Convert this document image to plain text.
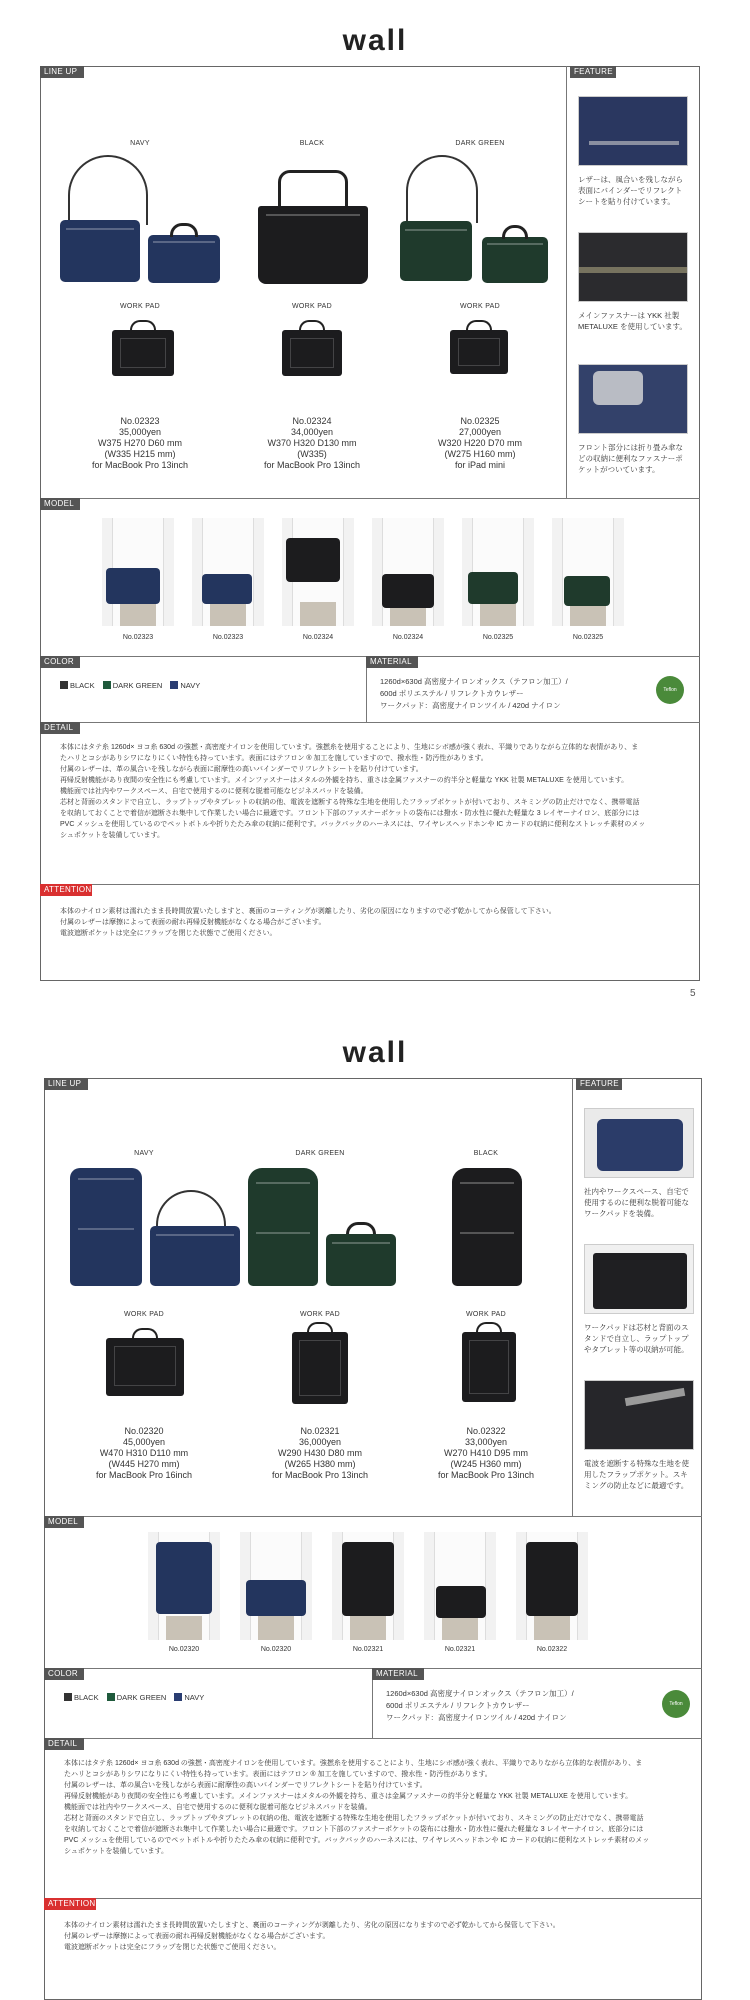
wall
LINE UP	FEATURE
NAVY	BLACK	DARK GREEN
WORK PAD	WORK PAD	WORK PAD
No.02323
35,000yen
W375 H270 D60 mm
(W335 H215 mm)
for MacBook Pro 13inch
No.02324
34,000yen
W370 H320 D130 mm
(W335̇)
for MacBook Pro 13inch
No.02325
27,000yen
W320 H220 D70 mm
(W275 H160 mm)
for iPad mini
レザーは、風合いを残しながら
表面にバインダーでリフレクト
シートを貼り付けています。
メインファスナーは YKK 社製
METALUXE を使用しています。
フロント部分には折り畳み傘な
どの収納に便利なファスナーポ
ケットがついています。
MODEL
No.02323	No.02323	No.02324	No.02324	No.02325	No.02325
COLOR	MATERIAL
BLACK DARK GREEN NAVY	1260d×630d 高密度ナイロンオックス（テフロン加工）/
600d ポリエステル / リフレクトカウレザー
ワークパッド：高密度ナイロンツイル / 420d ナイロン
Teflon
DETAIL
本体にはタテ糸 1260d× ヨコ糸 630d の強撚・高密度ナイロンを使用しています。強撚糸を使用することにより、生地にシボ感が強く表れ、平織りでありながら立体的な表情があり、ま
たハリとコシがありシワになりにくい特性も持っています。表面にはテフロン ® 加工を施していますので、撥水性・防汚性があります。
付属のレザーは、革の風合いを残しながら表面に耐摩性の高いバインダーでリフレクトシートを貼り付けています。
再帰反射機能があり夜間の安全性にも考慮しています。メインファスナーはメタルの外観を持ち、重さは金属ファスナーの約半分と軽量な YKK 社製 METALUXE を使用しています。
機能面では社内やワークスペース、自宅で使用するのに便利な脱着可能なビジネスパッドを装備。
芯材と背面のスタンドで自立し、ラップトップやタブレットの収納の他、電波を遮断する特殊な生地を使用したフラップポケットが付いており、スキミングの防止だけでなく、携帯電話
を収納しておくことで着信が遮断され集中して作業したい場合に最適です。フロント下部のファスナーポケットの袋布には撥水・防水性に優れた軽量な 3 レイヤーナイロン、底部分には
PVC メッシュを使用しているのでペットボトルや折りたたみ傘の収納に便利です。バックパックのハーネスには、ワイヤレスヘッドホンや IC カードの収納に便利なストレッチ素材のメッ
シュポケットを装備しています。
ATTENTION
本体のナイロン素材は濡れたまま長時間放置いたしますと、裏面のコーティングが剥離したり、劣化の原因になりますので必ず乾かしてから保管して下さい。
付属のレザーは摩擦によって表面の耐れ再帰反射機能がなくなる場合がございます。
電波遮断ポケットは完全にフラップを閉じた状態でご使用ください。
5
wall
LINE UP	FEATURE
NAVY	DARK GREEN	BLACK
WORK PAD	WORK PAD	WORK PAD
No.02320
45,000yen
W470 H310 D110 mm
(W445 H270 mm)
for MacBook Pro 16inch
No.02321
36,000yen
W290 H430 D80 mm
(W265 H380 mm)
for MacBook Pro 13inch
No.02322
33,000yen
W270 H410 D95 mm
(W245 H360 mm)
for MacBook Pro 13inch
社内やワークスペース、自宅で
使用するのに便利な脱着可能な
ワークパッドを装備。
ワークパッドは芯材と背面のス
タンドで自立し、ラップトップ
やタブレット等の収納が可能。
電波を遮断する特殊な生地を使
用したフラップポケット。スキ
ミングの防止などに最適です。
MODEL
No.02320	No.02320	No.02321	No.02321	No.02322
COLOR	MATERIAL
BLACK DARK GREEN NAVY	1260d×630d 高密度ナイロンオックス（テフロン加工）/
600d ポリエステル / リフレクトカウレザー
ワークパッド：高密度ナイロンツイル / 420d ナイロン
Teflon
DETAIL
本体にはタテ糸 1260d× ヨコ糸 630d の強撚・高密度ナイロンを使用しています。強撚糸を使用することにより、生地にシボ感が強く表れ、平織りでありながら立体的な表情があり、ま
たハリとコシがありシワになりにくい特性も持っています。表面にはテフロン ® 加工を施していますので、撥水性・防汚性があります。
付属のレザーは、革の風合いを残しながら表面に耐摩性の高いバインダーでリフレクトシートを貼り付けています。
再帰反射機能があり夜間の安全性にも考慮しています。メインファスナーはメタルの外観を持ち、重さは金属ファスナーの約半分と軽量な YKK 社製 METALUXE を使用しています。
機能面では社内やワークスペース、自宅で使用するのに便利な脱着可能なビジネスパッドを装備。
芯材と背面のスタンドで自立し、ラップトップやタブレットの収納の他、電波を遮断する特殊な生地を使用したフラップポケットが付いており、スキミングの防止だけでなく、携帯電話
を収納しておくことで着信が遮断され集中して作業したい場合に最適です。フロント下部のファスナーポケットの袋布には撥水・防水性に優れた軽量な 3 レイヤーナイロン、底部分には
PVC メッシュを使用しているのでペットボトルや折りたたみ傘の収納に便利です。バックパックのハーネスには、ワイヤレスヘッドホンや IC カードの収納に便利なストレッチ素材のメッ
シュポケットを装備しています。
ATTENTION
本体のナイロン素材は濡れたまま長時間放置いたしますと、裏面のコーティングが剥離したり、劣化の原因になりますので必ず乾かしてから保管して下さい。
付属のレザーは摩擦によって表面の耐れ再帰反射機能がなくなる場合がございます。
電波遮断ポケットは完全にフラップを閉じた状態でご使用ください。
